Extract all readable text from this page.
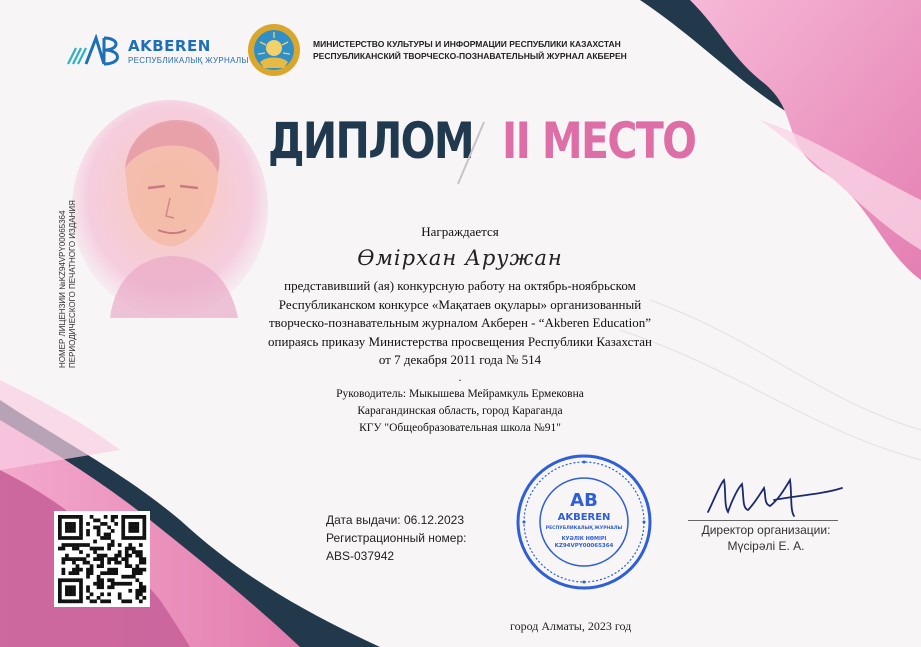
AKBEREN
РЕСПУБЛИКАЛЫҚ ЖУРНАЛЫ
МИНИСТЕРСТВО КУЛЬТУРЫ И ИНФОРМАЦИИ РЕСПУБЛИКИ КАЗАХСТАН
РЕСПУБЛИКАНСКИЙ ТВОРЧЕСКО-ПОЗНАВАТЕЛЬНЫЙ ЖУРНАЛ АКБЕРЕН
НОМЕР ЛИЦЕНЗИИ №KZ94VPY00065364 ПЕРИОДИЧЕСКОГО ПЕЧАТНОГО ИЗДАНИЯ
ДИПЛОМ II МЕСТО
Награждается
Өмірхан Аружан
представивший (ая) конкурсную работу на октябрь-ноябрьском
Республиканском конкурсе «Мақатаев оқулары» организованный
творческо-познавательным журналом Акберен - “Akberen Education”
опираясь приказу Министерства просвещения Республики Казахстан
от 7 декабря 2011 года № 514
.
Руководитель: Мыкышева Мейрамкуль Ермековна
Карагандинская область, город Караганда
КГУ "Общеобразовательная школа №91"
Дата выдачи: 06.12.2023
Регистрационный номер:
ABS-037942
AB
AKBEREN
РЕСПУБЛИКАЛЫҚ ЖУРНАЛЫ
КУӘЛІК НӨМІРІ
KZ94VPY00065364
Директор организации:
Мүсірәлі Е. А.
город Алматы, 2023 год
